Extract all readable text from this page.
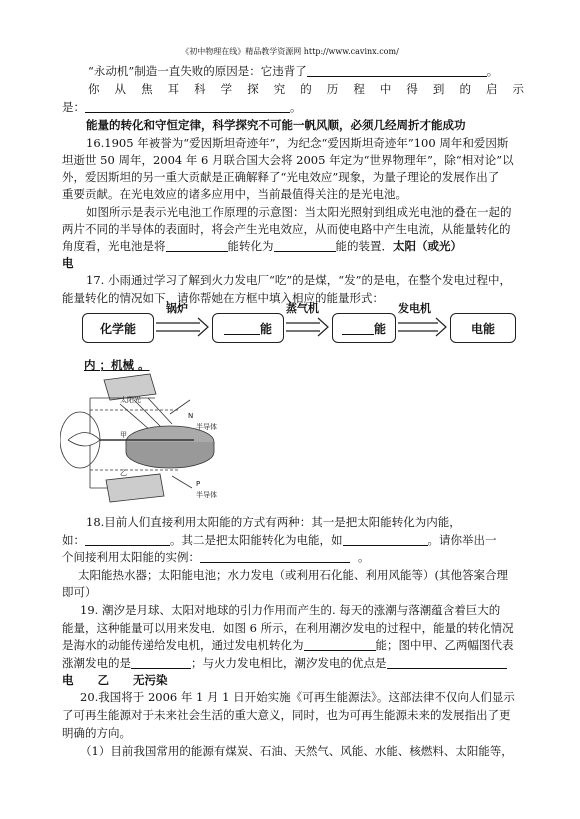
《初中物理在线》精品教学资源网 http://www.cavinx.com/
“永动机”制造一直失败的原因是：它违背了	。
你 从 焦 耳 科 学 探 究 的 历 程 中 得 到 的 启 示
是：	。
能量的转化和守恒定律，科学探究不可能一帆风顺，必须几经周折才能成功
16.1905 年被誉为“爱因斯坦奇迹年”，为纪念“爱因斯坦奇迹年”100 周年和爱因斯
坦逝世 50 周年，2004 年 6 月联合国大会将 2005 年定为“世界物理年”，除“相对论”以
外，爱因斯坦的另一重大贡献是正确解释了“光电效应”现象，为量子理论的发展作出了
重要贡献。在光电效应的诸多应用中，当前最值得关注的是光电池。
如图所示是表示光电池工作原理的示意图：当太阳光照射到组成光电池的叠在一起的
两片不同的半导体的表面时，将会产生光电效应，从而使电路中产生电流，从能量转化的
角度看，光电池是将	能转化为	能的装置．太阳（或光）
电
17. 小雨通过学习了解到火力发电厂“吃”的是煤，“发”的是电，在整个发电过程中，
能量转化的情况如下，请你帮她在方框中填入相应的能量形式：
化学能	能	能	电能
锅炉	蒸气机	发电机
内 ；机械 。
太阳光
甲
N
半导体
乙
P
半导体
18.目前人们直接利用太阳能的方式有两种：其一是把太阳能转化为内能，
如：	。其二是把太阳能转化为电能，如	。请你举出一
个间接利用太阳能的实例：	。
太阳能热水器；太阳能电池；水力发电（或利用石化能、利用风能等）(其他答案合理
即可）
19. 潮汐是月球、太阳对地球的引力作用而产生的. 每天的涨潮与落潮蕴含着巨大的
能量，这种能量可以用来发电．如图 6 所示，在利用潮汐发电的过程中，能量的转化情况
是海水的动能传递给发电机，通过发电机转化为	能；图中甲、乙两幅图代表
涨潮发电的是	；与火力发电相比，潮汐发电的优点是
电      乙      无污染
20.我国将于 2006 年 1 月 1 日开始实施《可再生能源法》。这部法律不仅向人们显示
了可再生能源对于未来社会生活的重大意义，同时，也为可再生能源未来的发展指出了更
明确的方向。
（1）目前我国常用的能源有煤炭、石油、天然气、风能、水能、核燃料、太阳能等，
